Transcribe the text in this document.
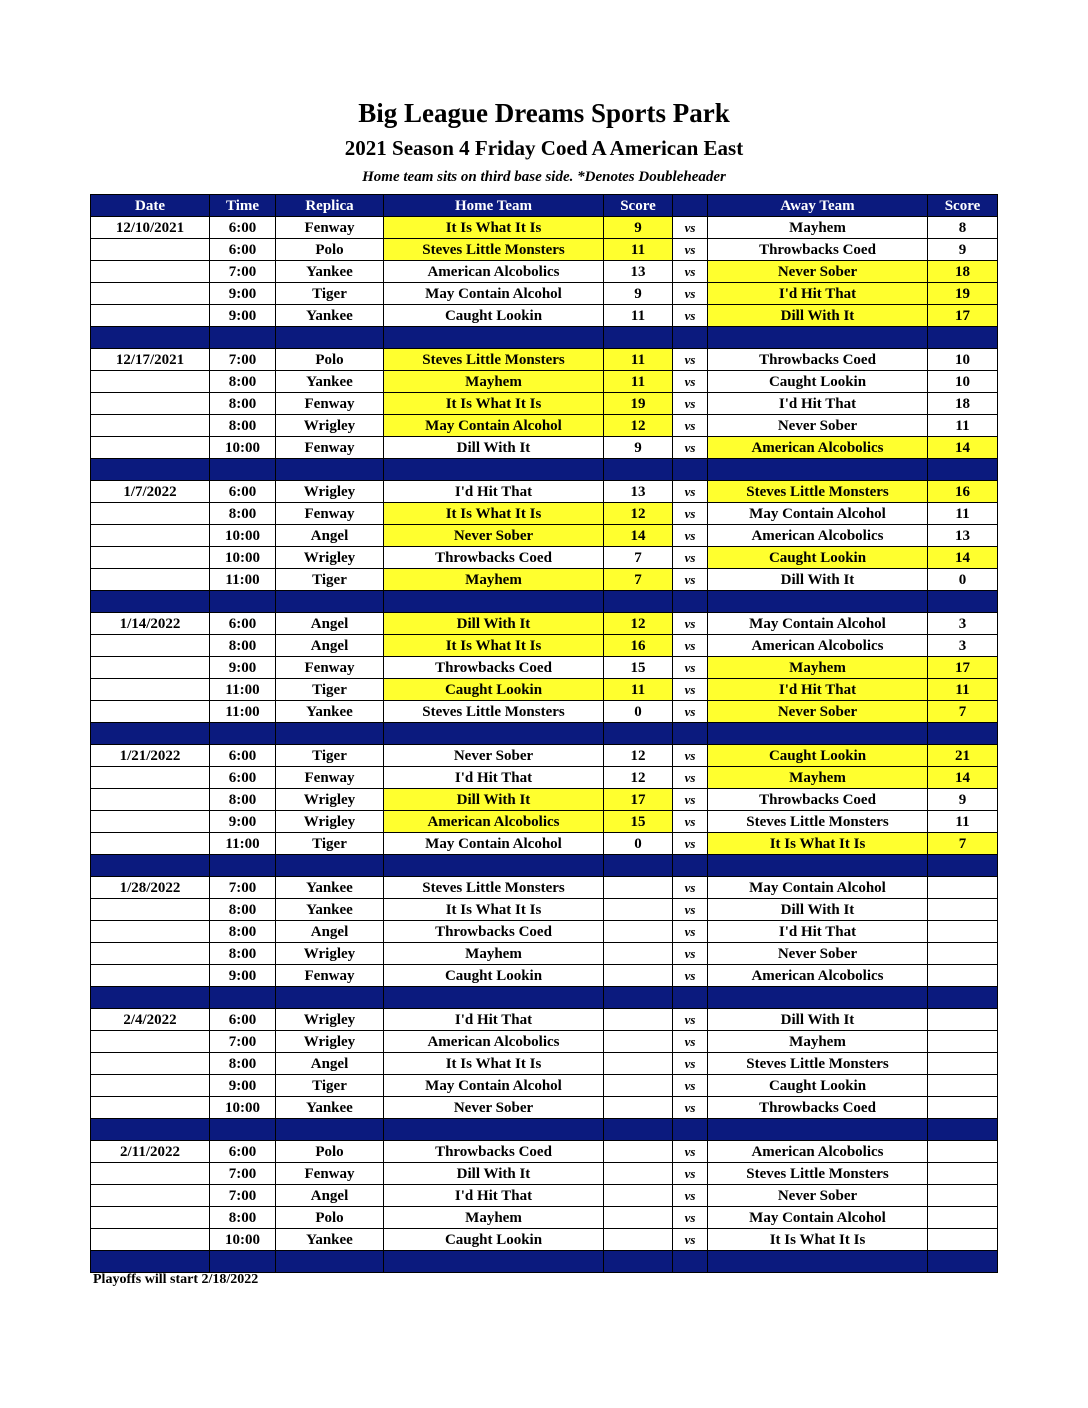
Big League Dreams Sports Park
2021 Season 4 Friday Coed A American East
Home team sits on third base side. *Denotes Doubleheader
Date	Time	Replica	Home Team	Score		Away Team	Score
12/10/2021	6:00	Fenway	It Is What It Is	9	vs	Mayhem	8
	6:00	Polo	Steves Little Monsters	11	vs	Throwbacks Coed	9
	7:00	Yankee	American Alcobolics	13	vs	Never Sober	18
	9:00	Tiger	May Contain Alcohol	9	vs	I'd Hit That	19
	9:00	Yankee	Caught Lookin	11	vs	Dill With It	17

12/17/2021	7:00	Polo	Steves Little Monsters	11	vs	Throwbacks Coed	10
	8:00	Yankee	Mayhem	11	vs	Caught Lookin	10
	8:00	Fenway	It Is What It Is	19	vs	I'd Hit That	18
	8:00	Wrigley	May Contain Alcohol	12	vs	Never Sober	11
	10:00	Fenway	Dill With It	9	vs	American Alcobolics	14

1/7/2022	6:00	Wrigley	I'd Hit That	13	vs	Steves Little Monsters	16
	8:00	Fenway	It Is What It Is	12	vs	May Contain Alcohol	11
	10:00	Angel	Never Sober	14	vs	American Alcobolics	13
	10:00	Wrigley	Throwbacks Coed	7	vs	Caught Lookin	14
	11:00	Tiger	Mayhem	7	vs	Dill With It	0

1/14/2022	6:00	Angel	Dill With It	12	vs	May Contain Alcohol	3
	8:00	Angel	It Is What It Is	16	vs	American Alcobolics	3
	9:00	Fenway	Throwbacks Coed	15	vs	Mayhem	17
	11:00	Tiger	Caught Lookin	11	vs	I'd Hit That	11
	11:00	Yankee	Steves Little Monsters	0	vs	Never Sober	7

1/21/2022	6:00	Tiger	Never Sober	12	vs	Caught Lookin	21
	6:00	Fenway	I'd Hit That	12	vs	Mayhem	14
	8:00	Wrigley	Dill With It	17	vs	Throwbacks Coed	9
	9:00	Wrigley	American Alcobolics	15	vs	Steves Little Monsters	11
	11:00	Tiger	May Contain Alcohol	0	vs	It Is What It Is	7

1/28/2022	7:00	Yankee	Steves Little Monsters		vs	May Contain Alcohol	
	8:00	Yankee	It Is What It Is		vs	Dill With It	
	8:00	Angel	Throwbacks Coed		vs	I'd Hit That	
	8:00	Wrigley	Mayhem		vs	Never Sober	
	9:00	Fenway	Caught Lookin		vs	American Alcobolics	

2/4/2022	6:00	Wrigley	I'd Hit That		vs	Dill With It	
	7:00	Wrigley	American Alcobolics		vs	Mayhem	
	8:00	Angel	It Is What It Is		vs	Steves Little Monsters	
	9:00	Tiger	May Contain Alcohol		vs	Caught Lookin	
	10:00	Yankee	Never Sober		vs	Throwbacks Coed	

2/11/2022	6:00	Polo	Throwbacks Coed		vs	American Alcobolics	
	7:00	Fenway	Dill With It		vs	Steves Little Monsters	
	7:00	Angel	I'd Hit That		vs	Never Sober	
	8:00	Polo	Mayhem		vs	May Contain Alcohol	
	10:00	Yankee	Caught Lookin		vs	It Is What It Is	

Playoffs will start 2/18/2022
